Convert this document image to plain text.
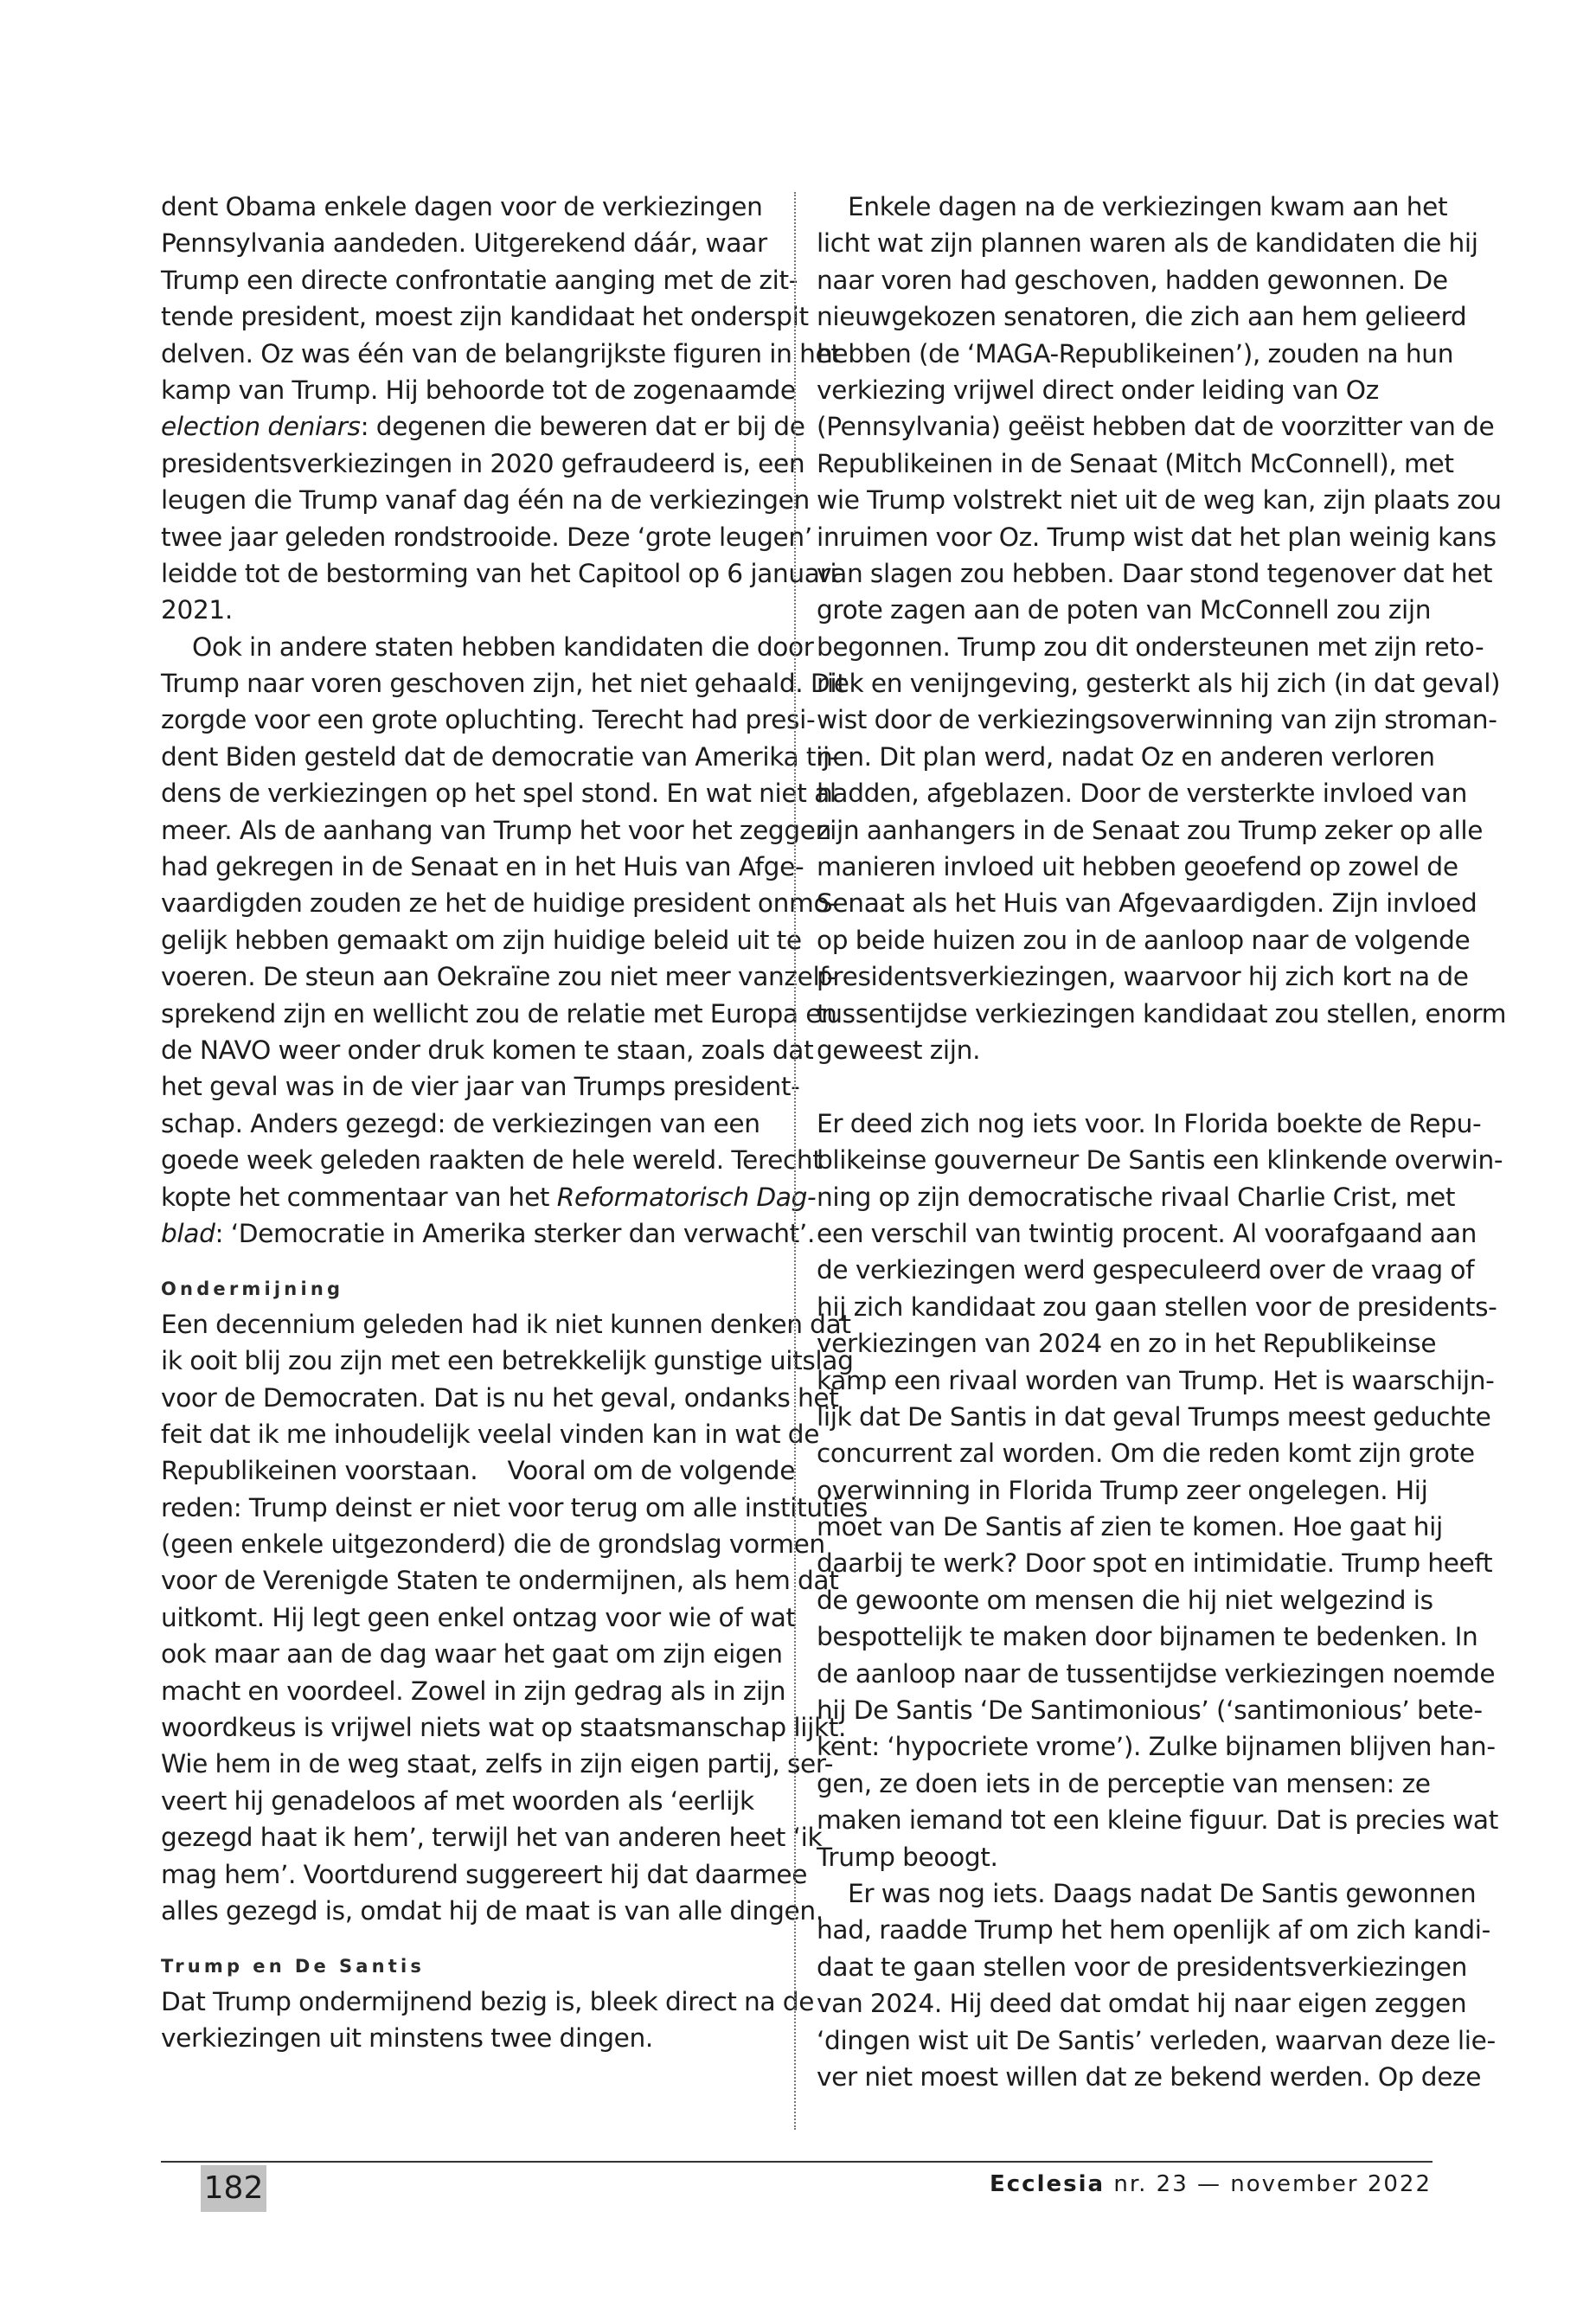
dent Obama enkele dagen voor de verkiezingen
Pennsylvania aandeden. Uitgerekend dáár, waar
Trump een directe confrontatie aanging met de zit-
tende president, moest zijn kandidaat het onderspit
delven. Oz was één van de belangrijkste figuren in het
kamp van Trump. Hij behoorde tot de zogenaamde
election deniars: degenen die beweren dat er bij de
presidentsverkiezingen in 2020 gefraudeerd is, een
leugen die Trump vanaf dag één na de verkiezingen
twee jaar geleden rondstrooide. Deze ‘grote leugen’
leidde tot de bestorming van het Capitool op 6 januari
2021.
Ook in andere staten hebben kandidaten die door
Trump naar voren geschoven zijn, het niet gehaald. Dit
zorgde voor een grote opluchting. Terecht had presi-
dent Biden gesteld dat de democratie van Amerika tij-
dens de verkiezingen op het spel stond. En wat niet al
meer. Als de aanhang van Trump het voor het zeggen
had gekregen in de Senaat en in het Huis van Afge-
vaardigden zouden ze het de huidige president onmo-
gelijk hebben gemaakt om zijn huidige beleid uit te
voeren. De steun aan Oekraïne zou niet meer vanzelf-
sprekend zijn en wellicht zou de relatie met Europa en
de NAVO weer onder druk komen te staan, zoals dat
het geval was in de vier jaar van Trumps president-
schap. Anders gezegd: de verkiezingen van een
goede week geleden raakten de hele wereld. Terecht
kopte het commentaar van het Reformatorisch Dag-
blad: ‘Democratie in Amerika sterker dan verwacht’.
Ondermijning
Een decennium geleden had ik niet kunnen denken dat
ik ooit blij zou zijn met een betrekkelijk gunstige uitslag
voor de Democraten. Dat is nu het geval, ondanks het
feit dat ik me inhoudelijk veelal vinden kan in wat de
Republikeinen voorstaan.    Vooral om de volgende
reden: Trump deinst er niet voor terug om alle instituties
(geen enkele uitgezonderd) die de grondslag vormen
voor de Verenigde Staten te ondermijnen, als hem dat
uitkomt. Hij legt geen enkel ontzag voor wie of wat
ook maar aan de dag waar het gaat om zijn eigen
macht en voordeel. Zowel in zijn gedrag als in zijn
woordkeus is vrijwel niets wat op staatsmanschap lijkt.
Wie hem in de weg staat, zelfs in zijn eigen partij, ser-
veert hij genadeloos af met woorden als ‘eerlijk
gezegd haat ik hem’, terwijl het van anderen heet ‘ik
mag hem’. Voortdurend suggereert hij dat daarmee
alles gezegd is, omdat hij de maat is van alle dingen.
Trump en De Santis
Dat Trump ondermijnend bezig is, bleek direct na de
verkiezingen uit minstens twee dingen.
Enkele dagen na de verkiezingen kwam aan het
licht wat zijn plannen waren als de kandidaten die hij
naar voren had geschoven, hadden gewonnen. De
nieuwgekozen senatoren, die zich aan hem gelieerd
hebben (de ‘MAGA-Republikeinen’), zouden na hun
verkiezing vrijwel direct onder leiding van Oz
(Pennsylvania) geëist hebben dat de voorzitter van de
Republikeinen in de Senaat (Mitch McConnell), met
wie Trump volstrekt niet uit de weg kan, zijn plaats zou
inruimen voor Oz. Trump wist dat het plan weinig kans
van slagen zou hebben. Daar stond tegenover dat het
grote zagen aan de poten van McConnell zou zijn
begonnen. Trump zou dit ondersteunen met zijn reto-
riek en venijngeving, gesterkt als hij zich (in dat geval)
wist door de verkiezingsoverwinning van zijn stroman-
nen. Dit plan werd, nadat Oz en anderen verloren
hadden, afgeblazen. Door de versterkte invloed van
zijn aanhangers in de Senaat zou Trump zeker op alle
manieren invloed uit hebben geoefend op zowel de
Senaat als het Huis van Afgevaardigden. Zijn invloed
op beide huizen zou in de aanloop naar de volgende
presidentsverkiezingen, waarvoor hij zich kort na de
tussentijdse verkiezingen kandidaat zou stellen, enorm
geweest zijn.
Er deed zich nog iets voor. In Florida boekte de Repu-
blikeinse gouverneur De Santis een klinkende overwin-
ning op zijn democratische rivaal Charlie Crist, met
een verschil van twintig procent. Al voorafgaand aan
de verkiezingen werd gespeculeerd over de vraag of
hij zich kandidaat zou gaan stellen voor de presidents-
verkiezingen van 2024 en zo in het Republikeinse
kamp een rivaal worden van Trump. Het is waarschijn-
lijk dat De Santis in dat geval Trumps meest geduchte
concurrent zal worden. Om die reden komt zijn grote
overwinning in Florida Trump zeer ongelegen. Hij
moet van De Santis af zien te komen. Hoe gaat hij
daarbij te werk? Door spot en intimidatie. Trump heeft
de gewoonte om mensen die hij niet welgezind is
bespottelijk te maken door bijnamen te bedenken. In
de aanloop naar de tussentijdse verkiezingen noemde
hij De Santis ‘De Santimonious’ (‘santimonious’ bete-
kent: ‘hypocriete vrome’). Zulke bijnamen blijven han-
gen, ze doen iets in de perceptie van mensen: ze
maken iemand tot een kleine figuur. Dat is precies wat
Trump beoogt.
Er was nog iets. Daags nadat De Santis gewonnen
had, raadde Trump het hem openlijk af om zich kandi-
daat te gaan stellen voor de presidentsverkiezingen
van 2024. Hij deed dat omdat hij naar eigen zeggen
‘dingen wist uit De Santis’ verleden, waarvan deze lie-
ver niet moest willen dat ze bekend werden. Op deze
182	Ecclesia nr. 23 — november 2022
